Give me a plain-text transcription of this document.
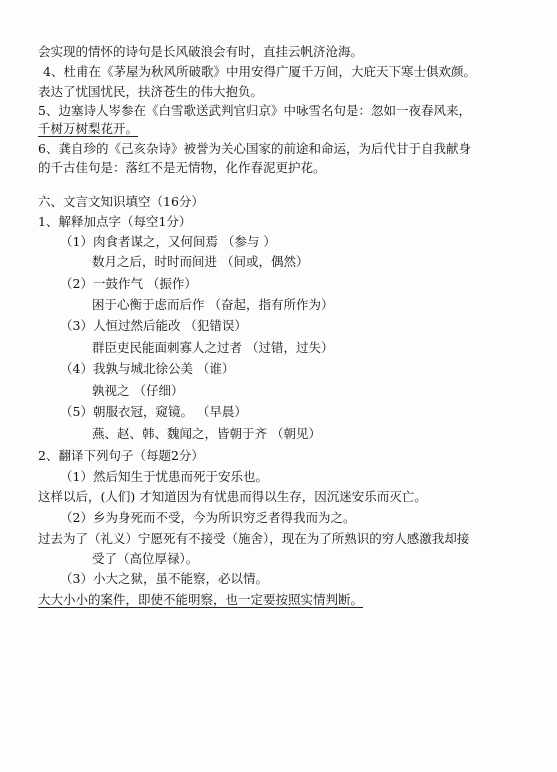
会实现的情怀的诗句是长风破浪会有时，直挂云帆济沧海。
4、杜甫在《茅屋为秋风所破歌》中用安得广厦千万间，大庇天下寒士俱欢颜。
表达了忧国忧民，扶济苍生的伟大抱负。
5、边塞诗人岑参在《白雪歌送武判官归京》中咏雪名句是：忽如一夜春风来，
千树万树梨花开。
6、龚自珍的《己亥杂诗》被誉为关心国家的前途和命运，为后代甘于自我献身
的千古佳句是：落红不是无情物，化作春泥更护花。
六、文言文知识填空（16分）
1、解释加点字（每空1分）
（1）肉食者谋之，又何间焉 （参与 ）
数月之后，时时而间进 （间或，偶然）
（2）一鼓作气 （振作）
困于心衡于虑而后作 （奋起，指有所作为）
（3）人恒过然后能改 （犯错误）
群臣吏民能面刺寡人之过者 （过错，过失）
（4）我孰与城北徐公美 （谁）
孰视之 （仔细）
（5）朝服衣冠，窥镜。 （早晨）
燕、赵、韩、魏闻之，皆朝于齐 （朝见）
2、翻译下列句子（每题2分）
（1）然后知生于忧患而死于安乐也。
这样以后，(人们) 才知道因为有忧患而得以生存，因沉迷安乐而灭亡。
（2）乡为身死而不受，今为所识穷乏者得我而为之。
过去为了（礼义）宁愿死有不接受（施舍），现在为了所熟识的穷人感激我却接
受了（高位厚禄）。
（3）小大之狱，虽不能察，必以情。
大大小小的案件，即使不能明察，也一定要按照实情判断。
